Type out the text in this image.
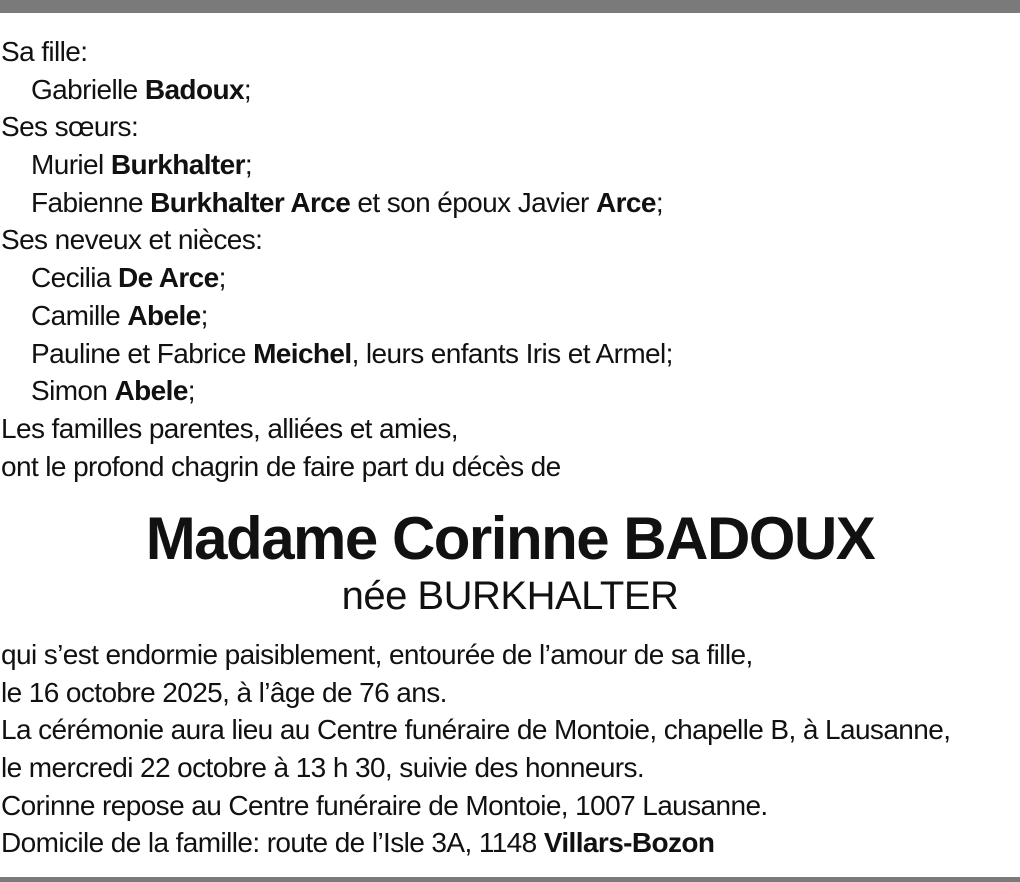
Sa fille:
Gabrielle Badoux;
Ses sœurs:
Muriel Burkhalter;
Fabienne Burkhalter Arce et son époux Javier Arce;
Ses neveux et nièces:
Cecilia De Arce;
Camille Abele;
Pauline et Fabrice Meichel, leurs enfants Iris et Armel;
Simon Abele;
Les familles parentes, alliées et amies,
ont le profond chagrin de faire part du décès de
Madame Corinne BADOUX
née BURKHALTER
qui s’est endormie paisiblement, entourée de l’amour de sa fille,
le 16 octobre 2025, à l’âge de 76 ans.
La cérémonie aura lieu au Centre funéraire de Montoie, chapelle B, à Lausanne,
le mercredi 22 octobre à 13 h 30, suivie des honneurs.
Corinne repose au Centre funéraire de Montoie, 1007 Lausanne.
Domicile de la famille: route de l’Isle 3A, 1148 Villars-Bozon
